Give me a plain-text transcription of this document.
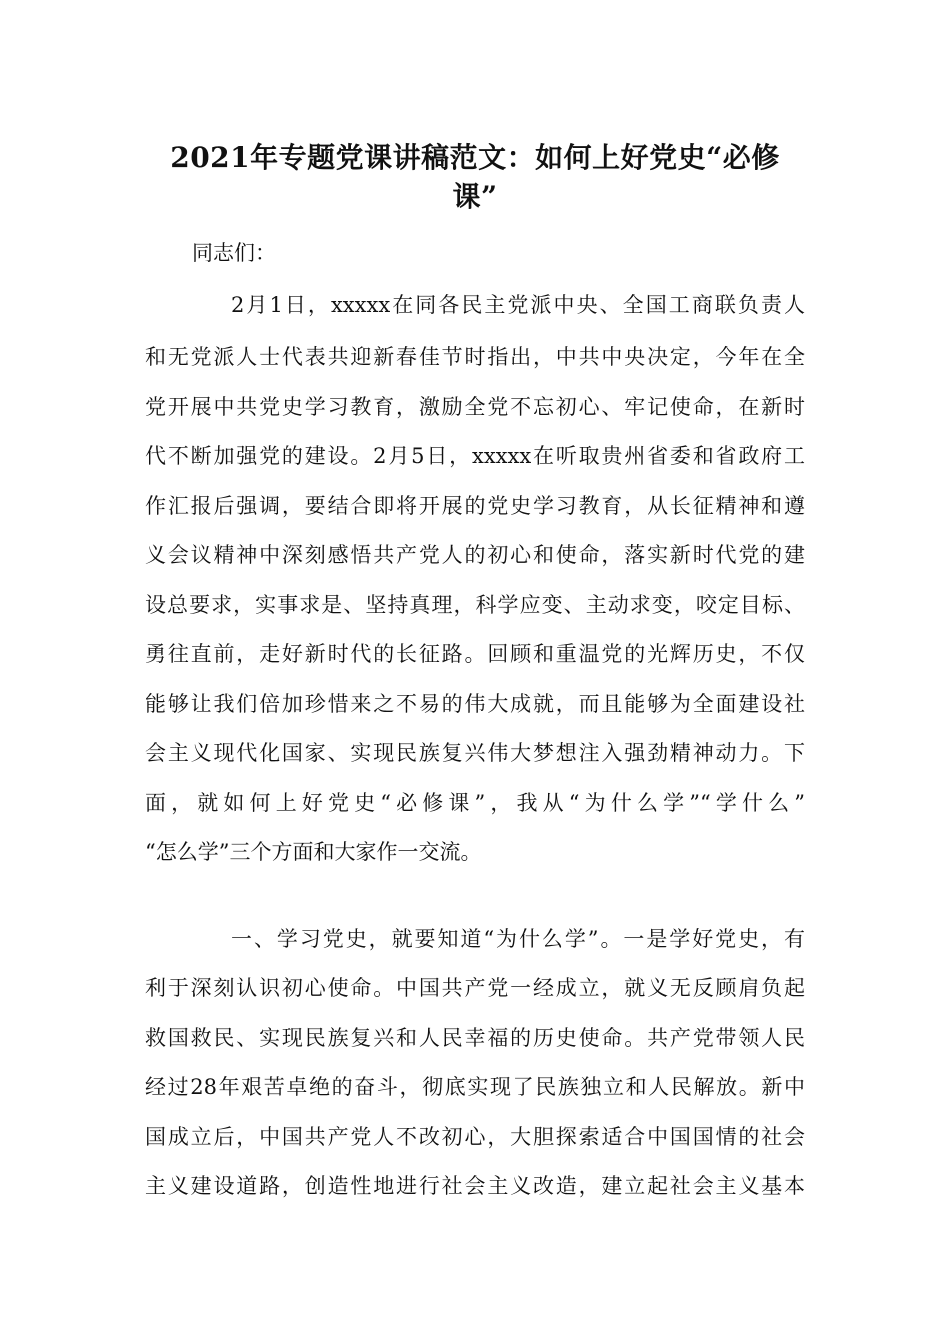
2021年专题党课讲稿范文：如何上好党史“必修
课”
同志们：
2月1日，xxxxx在同各民主党派中央、全国工商联负责人
和无党派人士代表共迎新春佳节时指出，中共中央决定，今年在全
党开展中共党史学习教育，激励全党不忘初心、牢记使命，在新时
代不断加强党的建设。2月5日，xxxxx在听取贵州省委和省政府工
作汇报后强调，要结合即将开展的党史学习教育，从长征精神和遵
义会议精神中深刻感悟共产党人的初心和使命，落实新时代党的建
设总要求，实事求是、坚持真理，科学应变、主动求变，咬定目标、
勇往直前，走好新时代的长征路。回顾和重温党的光辉历史，不仅
能够让我们倍加珍惜来之不易的伟大成就，而且能够为全面建设社
会主义现代化国家、实现民族复兴伟大梦想注入强劲精神动力。下
面，就如何上好党史“必修课”，我从“为什么学”“学什么”
“怎么学”三个方面和大家作一交流。
一、学习党史，就要知道“为什么学”。一是学好党史，有
利于深刻认识初心使命。中国共产党一经成立，就义无反顾肩负起
救国救民、实现民族复兴和人民幸福的历史使命。共产党带领人民
经过28年艰苦卓绝的奋斗，彻底实现了民族独立和人民解放。新中
国成立后，中国共产党人不改初心，大胆探索适合中国国情的社会
主义建设道路，创造性地进行社会主义改造，建立起社会主义基本
